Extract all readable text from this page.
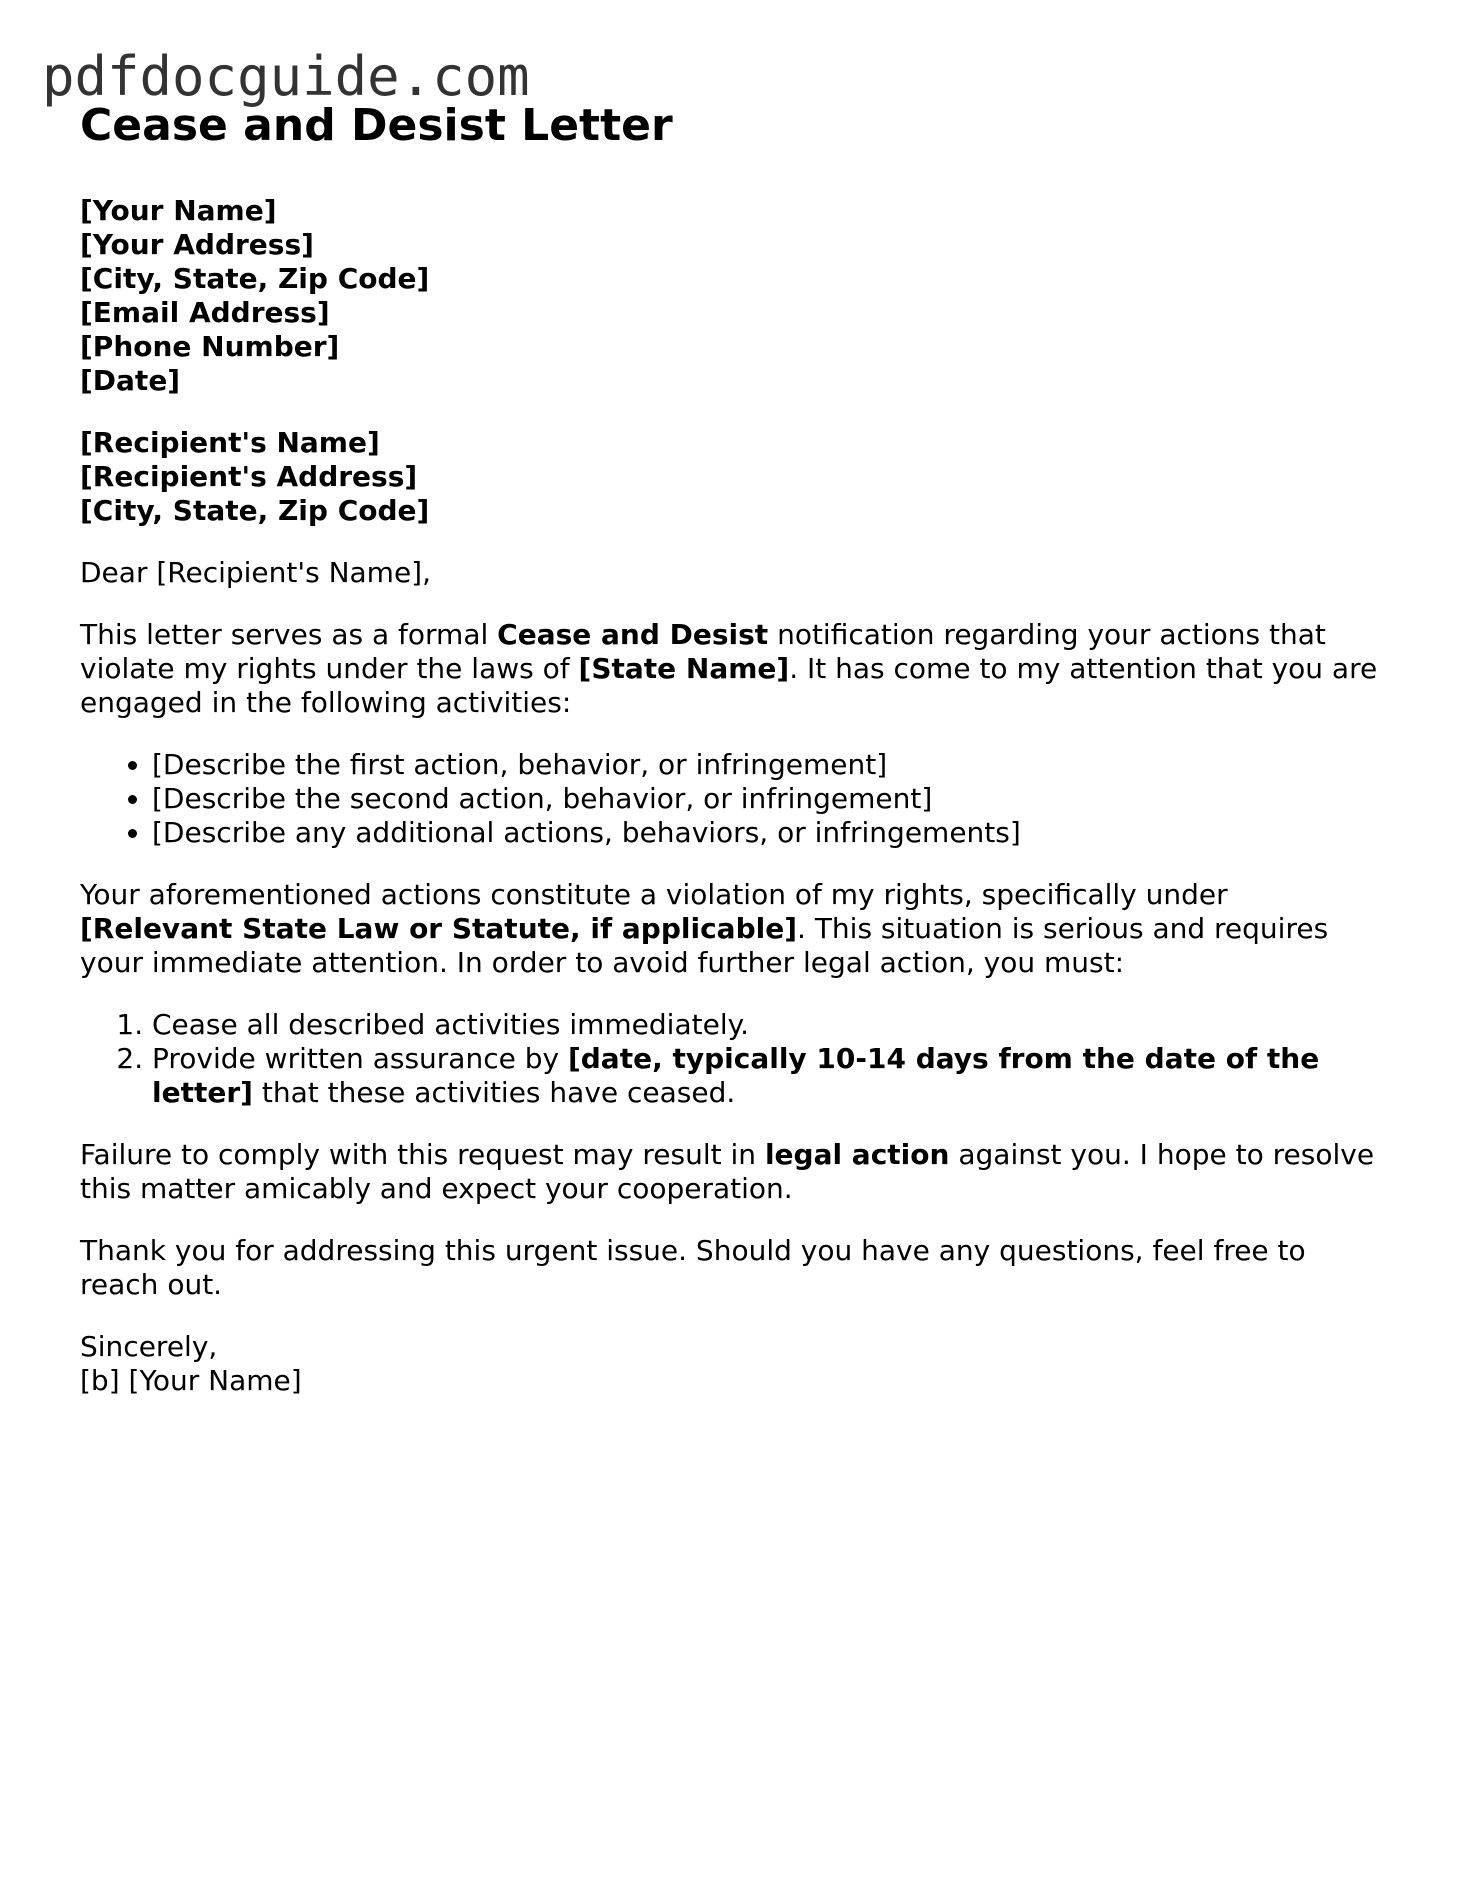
pdfdocguide.com
Cease and Desist Letter
[Your Name]
[Your Address]
[City, State, Zip Code]
[Email Address]
[Phone Number]
[Date]
[Recipient's Name]
[Recipient's Address]
[City, State, Zip Code]

Dear [Recipient's Name],

This letter serves as a formal Cease and Desist notification regarding your actions that violate my rights under the laws of [State Name]. It has come to my attention that you are engaged in the following activities:

• [Describe the first action, behavior, or infringement]
• [Describe the second action, behavior, or infringement]
• [Describe any additional actions, behaviors, or infringements]

Your aforementioned actions constitute a violation of my rights, specifically under [Relevant State Law or Statute, if applicable]. This situation is serious and requires your immediate attention. In order to avoid further legal action, you must:

1. Cease all described activities immediately.
2. Provide written assurance by [date, typically 10-14 days from the date of the letter] that these activities have ceased.

Failure to comply with this request may result in legal action against you. I hope to resolve this matter amicably and expect your cooperation.

Thank you for addressing this urgent issue. Should you have any questions, feel free to reach out.

Sincerely,
[b] [Your Name]
